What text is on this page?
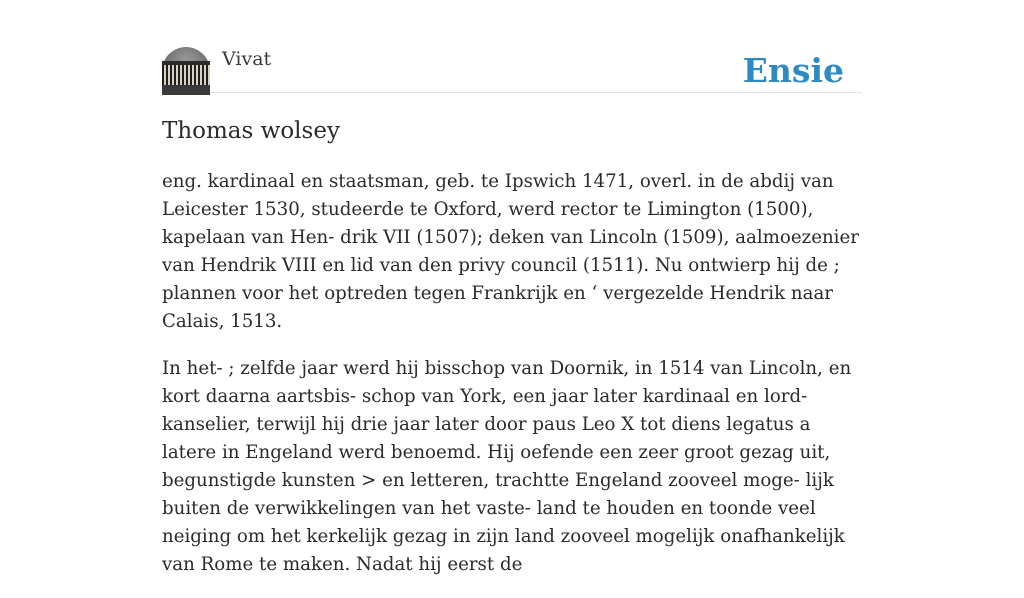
Vivat	Ensie
Thomas wolsey

eng. kardinaal en staatsman, geb. te Ipswich 1471, overl. in de abdij van Leicester 1530, studeerde te Oxford, werd rector te Limington (1500), kapelaan van Hen- drik VII (1507); deken van Lincoln (1509), aalmoezenier van Hendrik VIII en lid van den privy council (1511). Nu ontwierp hij de ; plannen voor het optreden tegen Frankrijk en ‘ vergezelde Hendrik naar Calais, 1513.

In het- ; zelfde jaar werd hij bisschop van Doornik, in 1514 van Lincoln, en kort daarna aartsbis- schop van York, een jaar later kardinaal en lord-kanselier, terwijl hij drie jaar later door paus Leo X tot diens legatus a latere in Engeland werd benoemd. Hij oefende een zeer groot gezag uit, begunstigde kunsten > en letteren, trachtte Engeland zooveel moge- lijk buiten de verwikkelingen van het vaste- land te houden en toonde veel neiging om het kerkelijk gezag in zijn land zooveel mogelijk onafhankelijk van Rome te maken. Nadat hij eerst de
